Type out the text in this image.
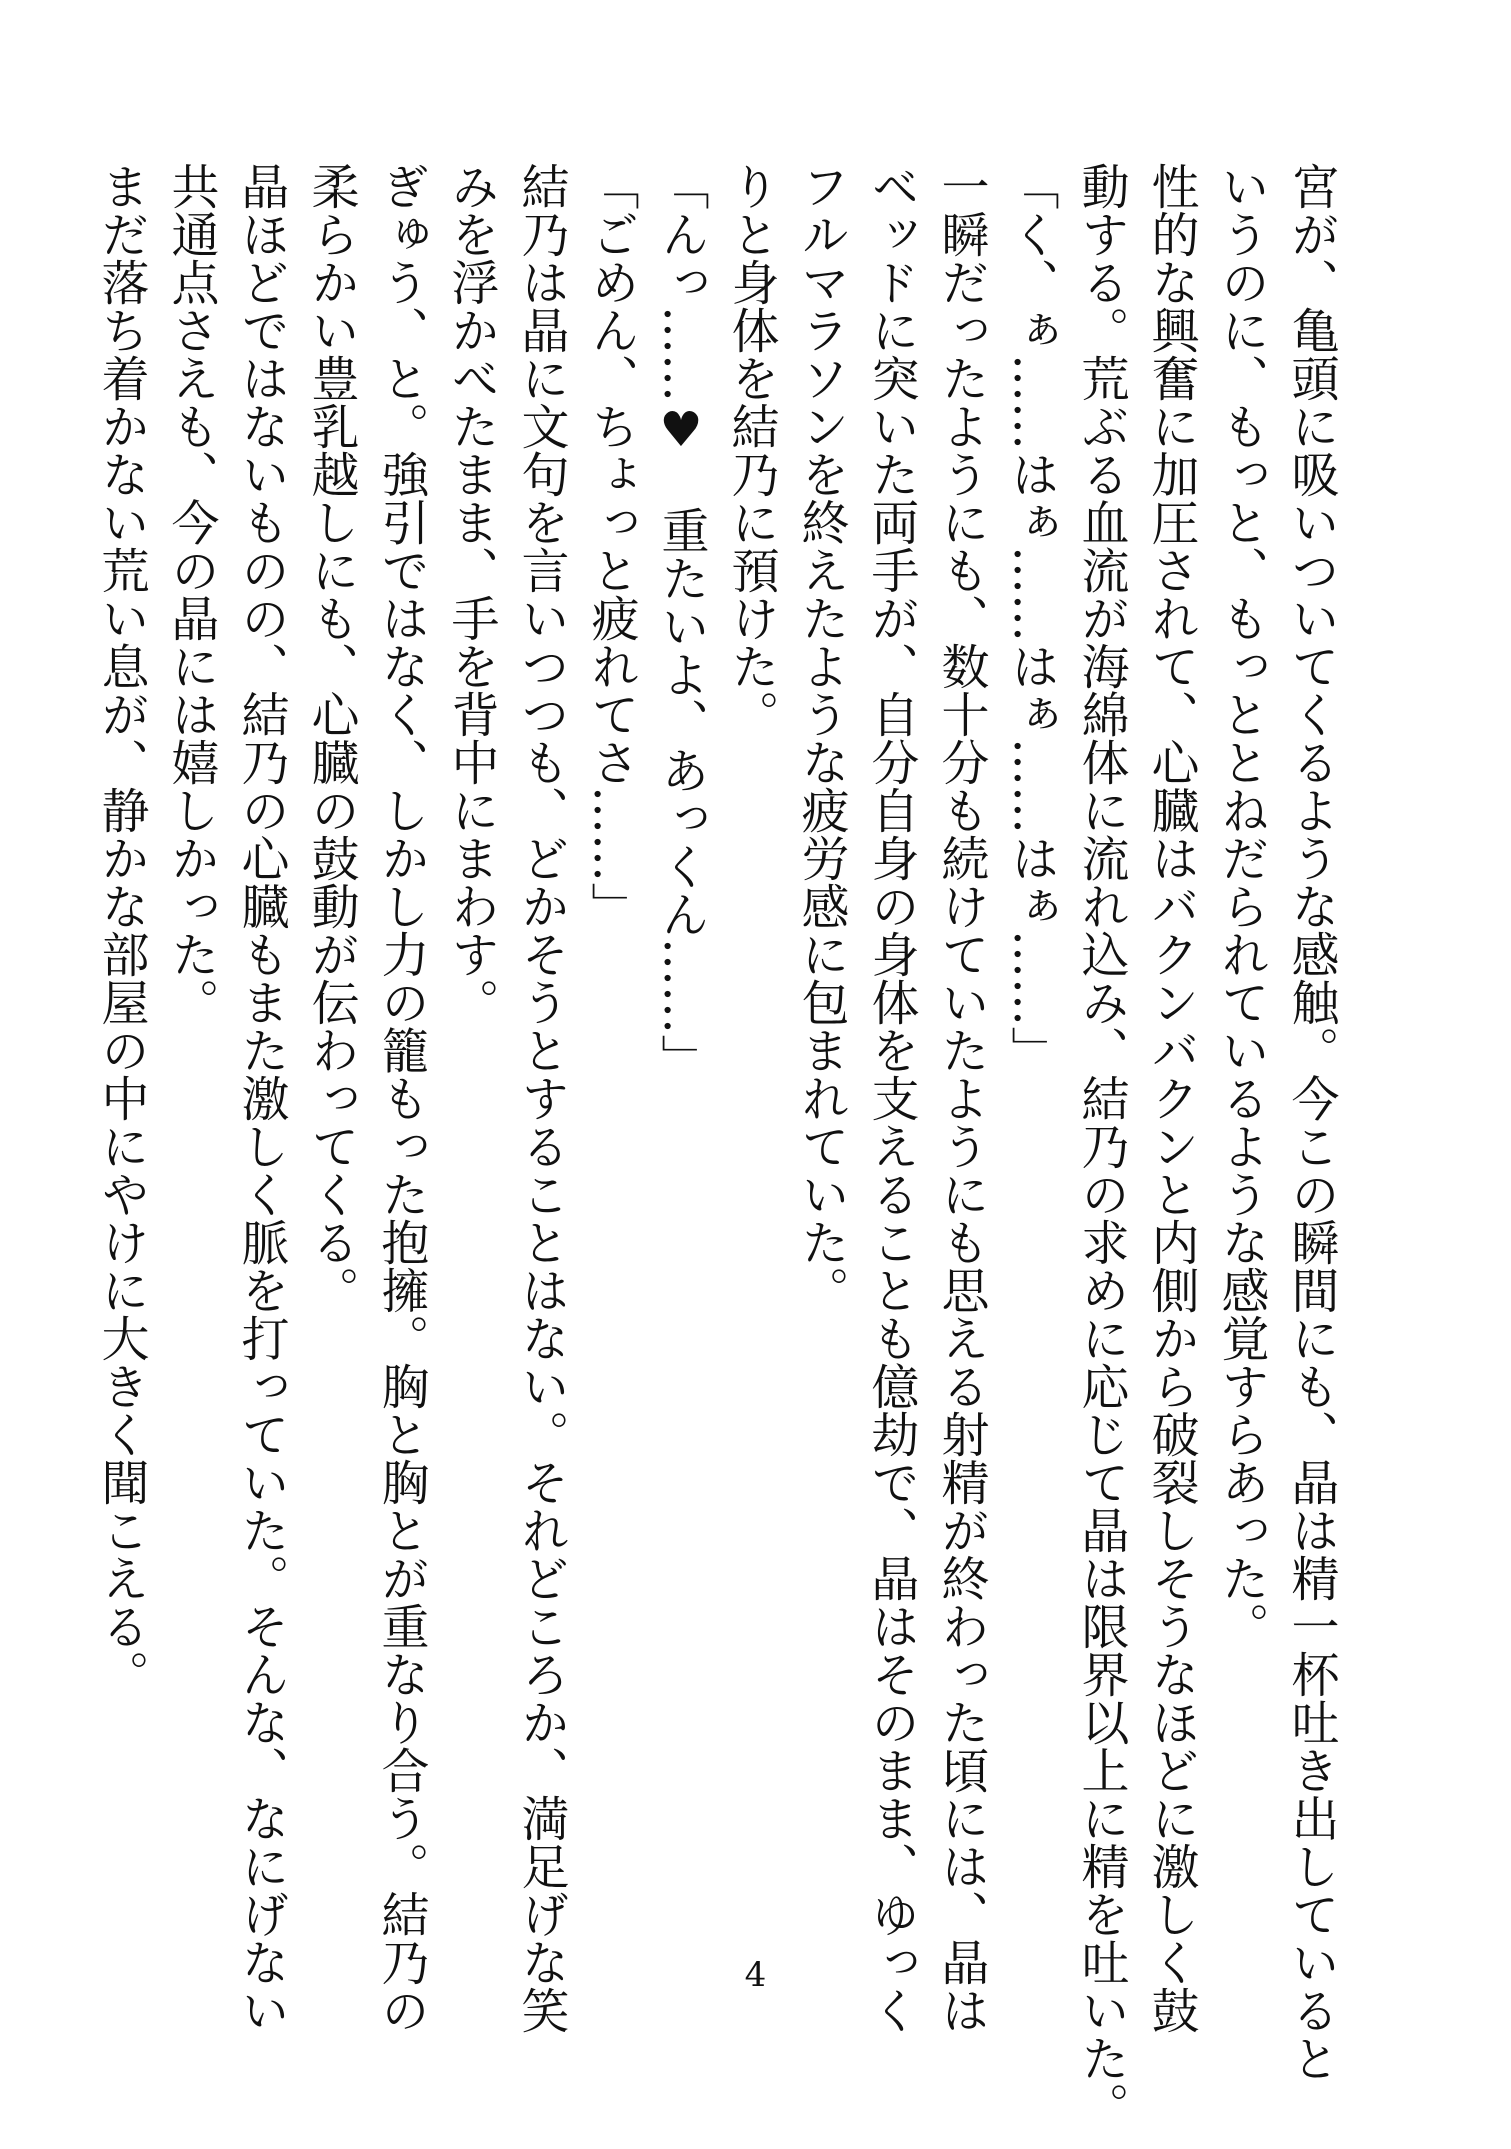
宮が、亀頭に吸いついてくるような感触。今この瞬間にも、晶は精一杯吐き出していると
いうのに、もっと、もっととねだられているような感覚すらあった。
性的な興奮に加圧されて、心臓はバクンバクンと内側から破裂しそうなほどに激しく鼓
動する。荒ぶる血流が海綿体に流れ込み、結乃の求めに応じて晶は限界以上に精を吐いた。
「く、ぁ……はぁ……はぁ……はぁ……」
一瞬だったようにも、数十分も続けていたようにも思える射精が終わった頃には、晶は
ベッドに突いた両手が、自分自身の身体を支えることも億劫で、晶はそのまま、ゆっく
フルマラソンを終えたような疲労感に包まれていた。
りと身体を結乃に預けた。
「んっ……♥　重たいよ、あっくん……」
「ごめん、ちょっと疲れてさ……」
結乃は晶に文句を言いつつも、どかそうとすることはない。それどころか、満足げな笑
みを浮かべたまま、手を背中にまわす。
ぎゅう、と。強引ではなく、しかし力の籠もった抱擁。胸と胸とが重なり合う。結乃の
柔らかい豊乳越しにも、心臓の鼓動が伝わってくる。
晶ほどではないものの、結乃の心臓もまた激しく脈を打っていた。そんな、なにげない
共通点さえも、今の晶には嬉しかった。
まだ落ち着かない荒い息が、静かな部屋の中にやけに大きく聞こえる。
4
